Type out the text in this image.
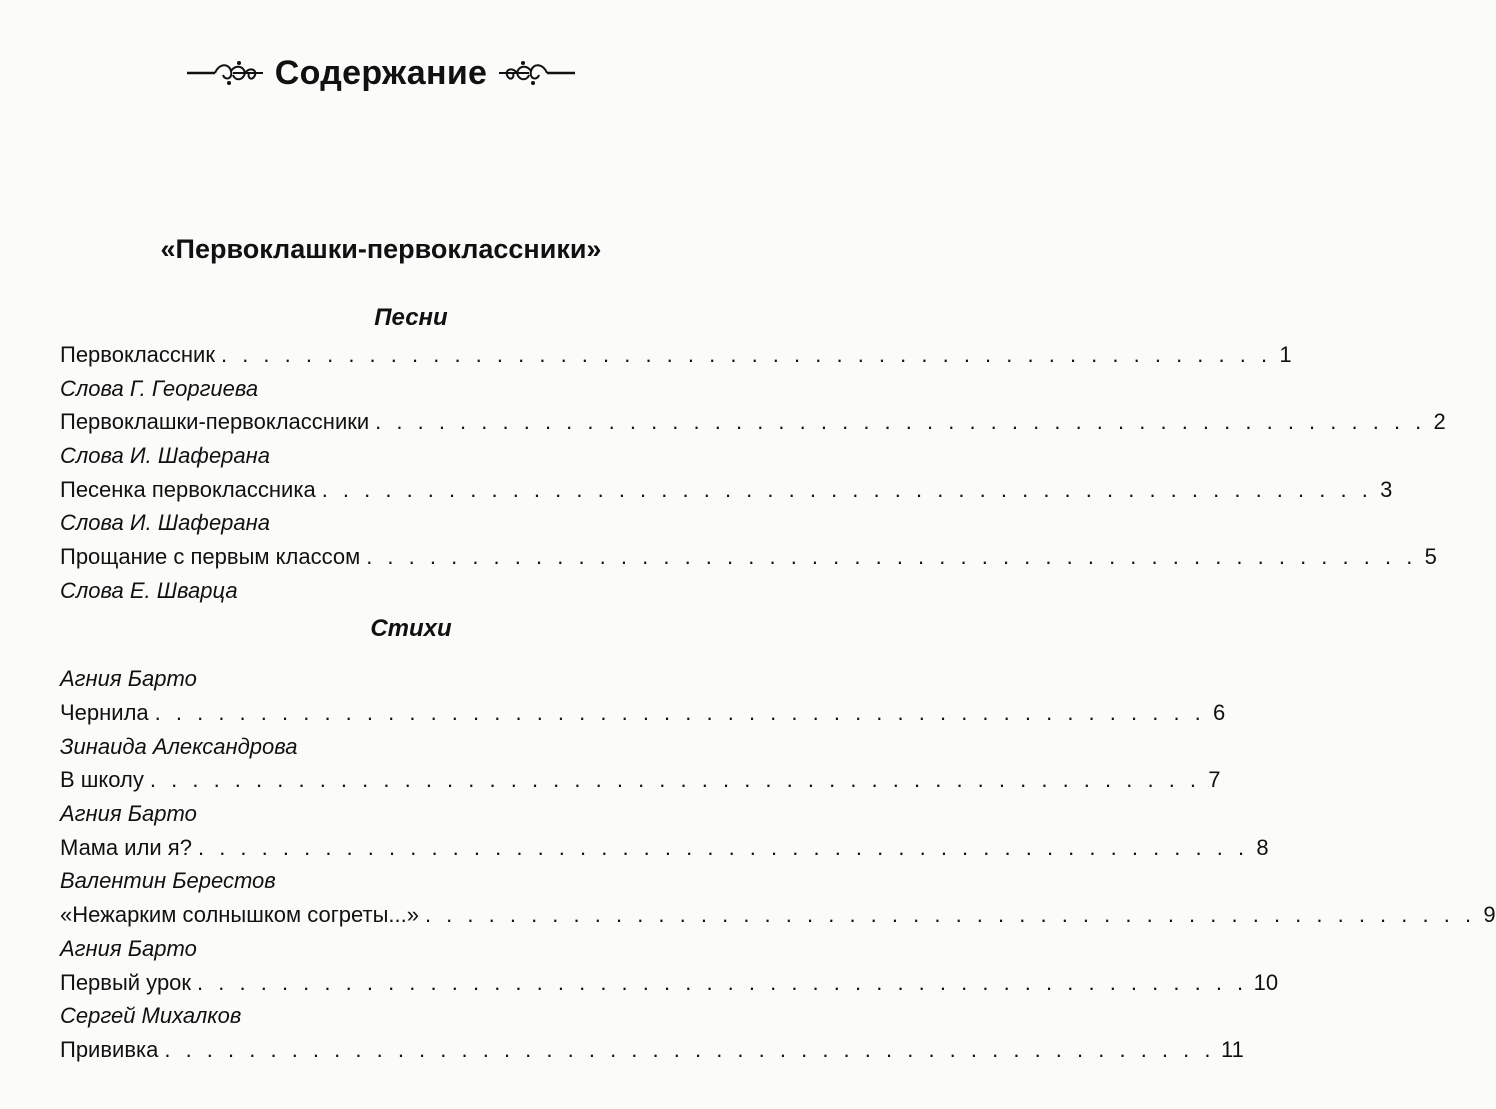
Содержание
«Первоклашки-первоклассники»
Песни
Первоклассник . . . . . . . . . . . . . . . . . . . . . . . . . . . . . . . . . . . . . . . . . . . . . . . . . . 1
Слова Г. Георгиева
Первоклашки-первоклассники . . . . . . . . . . . . . . . . . . . . . . . . . . . . . . . . . . . . . . . . . . . . . . . . . . 2
Слова И. Шаферана
Песенка первоклассника . . . . . . . . . . . . . . . . . . . . . . . . . . . . . . . . . . . . . . . . . . . . . . . . . . 3
Слова И. Шаферана
Прощание с первым классом . . . . . . . . . . . . . . . . . . . . . . . . . . . . . . . . . . . . . . . . . . . . . . . . . . 5
Слова Е. Шварца
Агния Барто
Чернила . . . . . . . . . . . . . . . . . . . . . . . . . . . . . . . . . . . . . . . . . . . . . . . . . . 6
Зинаида Александрова
В школу . . . . . . . . . . . . . . . . . . . . . . . . . . . . . . . . . . . . . . . . . . . . . . . . . . 7
Агния Барто
Мама или я? . . . . . . . . . . . . . . . . . . . . . . . . . . . . . . . . . . . . . . . . . . . . . . . . . . 8
Валентин Берестов
«Нежарким солнышком согреты...» . . . . . . . . . . . . . . . . . . . . . . . . . . . . . . . . . . . . . . . . . . . . . . . . . . 9
Агния Барто
Первый урок . . . . . . . . . . . . . . . . . . . . . . . . . . . . . . . . . . . . . . . . . . . . . . . . . . 10
Сергей Михалков
Прививка . . . . . . . . . . . . . . . . . . . . . . . . . . . . . . . . . . . . . . . . . . . . . . . . . . 11
Стихи
